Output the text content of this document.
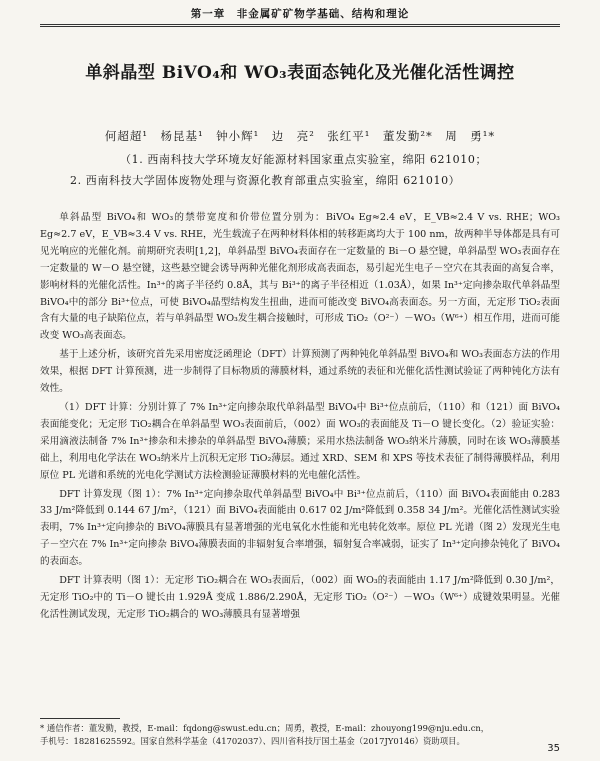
第一章　非金属矿矿物学基础、结构和理论
单斜晶型 BiVO₄和 WO₃表面态钝化及光催化活性调控
何超超¹　杨昆基¹　钟小辉¹　边　亮²　张红平¹　董发勤²*　周　勇¹*
（1. 西南科技大学环境友好能源材料国家重点实验室，绵阳 621010；
2. 西南科技大学固体废物处理与资源化教育部重点实验室，绵阳 621010）

单斜晶型 BiVO₄和 WO₃的禁带宽度和价带位置分别为：BiVO₄ Eg≈2.4 eV，E_VB≈2.4 V vs. RHE；WO₃ Eg≈2.7 eV，E_VB≈3.4 V vs. RHE，光生载流子在两种材料体相的转移距离均大于 100 nm，故两种半导体都是具有可见光响应的光催化剂。前期研究表明[1,2]，单斜晶型 BiVO₄表面存在一定数量的 Bi－O 悬空键，单斜晶型 WO₃表面存在一定数量的 W－O 悬空键，这些悬空键会诱导两种光催化剂形成高表面态，易引起光生电子－空穴在其表面的高复合率，影响材料的光催化活性。In³⁺的离子半径约 0.8Å，其与 Bi³⁺的离子半径相近（1.03Å），如果 In³⁺定向掺杂取代单斜晶型 BiVO₄中的部分 Bi³⁺位点，可使 BiVO₄晶型结构发生扭曲，进而可能改变 BiVO₄高表面态。另一方面，无定形 TiO₂表面含有大量的电子缺陷位点，若与单斜晶型 WO₃发生耦合接触时，可形成 TiO₂（O²⁻）－WO₃（W⁶⁺）相互作用，进而可能改变 WO₃高表面态。

基于上述分析，该研究首先采用密度泛函理论（DFT）计算预测了两种钝化单斜晶型 BiVO₄和 WO₃表面态方法的作用效果，根据 DFT 计算预测，进一步制得了目标物质的薄膜材料，通过系统的表征和光催化活性测试验证了两种钝化方法有效性。

（1）DFT 计算：分别计算了 7% In³⁺定向掺杂取代单斜晶型 BiVO₄中 Bi³⁺位点前后，（110）和（121）面 BiVO₄表面能变化；无定形 TiO₂耦合在单斜晶型 WO₃表面前后，（002）面 WO₃的表面能及 Ti－O 键长变化。（2）验证实验：采用滴液法制备 7% In³⁺掺杂和未掺杂的单斜晶型 BiVO₄薄膜；采用水热法制备 WO₃纳米片薄膜，同时在该 WO₃薄膜基础上，利用电化学法在 WO₃纳米片上沉积无定形 TiO₂薄层。通过 XRD、SEM 和 XPS 等技术表征了制得薄膜样品，利用原位 PL 光谱和系统的光电化学测试方法检测验证薄膜材料的光电催化活性。

DFT 计算发现（图 1）：7% In³⁺定向掺杂取代单斜晶型 BiVO₄中 Bi³⁺位点前后，（110）面 BiVO₄表面能由 0.283 33 J/m²降低到 0.144 67 J/m²，（121）面 BiVO₄表面能由 0.617 02 J/m²降低到 0.358 34 J/m²。光催化活性测试实验表明，7% In³⁺定向掺杂的 BiVO₄薄膜具有显著增强的光电氧化水性能和光电转化效率。原位 PL 光谱（图 2）发现光生电子－空穴在 7% In³⁺定向掺杂 BiVO₄薄膜表面的非辐射复合率增强，辐射复合率减弱，证实了 In³⁺定向掺杂钝化了 BiVO₄的表面态。

DFT 计算表明（图 1）：无定形 TiO₂耦合在 WO₃表面后，（002）面 WO₃的表面能由 1.17 J/m²降低到 0.30 J/m²，无定形 TiO₂中的 Ti－O 键长由 1.929Å 变成 1.886/2.290Å，无定形 TiO₂（O²⁻）－WO₃（W⁶⁺）成键效果明显。光催化活性测试发现，无定形 TiO₂耦合的 WO₃薄膜具有显著增强

* 通信作者：董发勤，教授，E-mail：fqdong@swust.edu.cn；周勇，教授，E-mail：zhouyong199@nju.edu.cn，
手机号：18281625592。国家自然科学基金（41702037）、四川省科技厅国土基金（2017JY0146）资助项目。
35
